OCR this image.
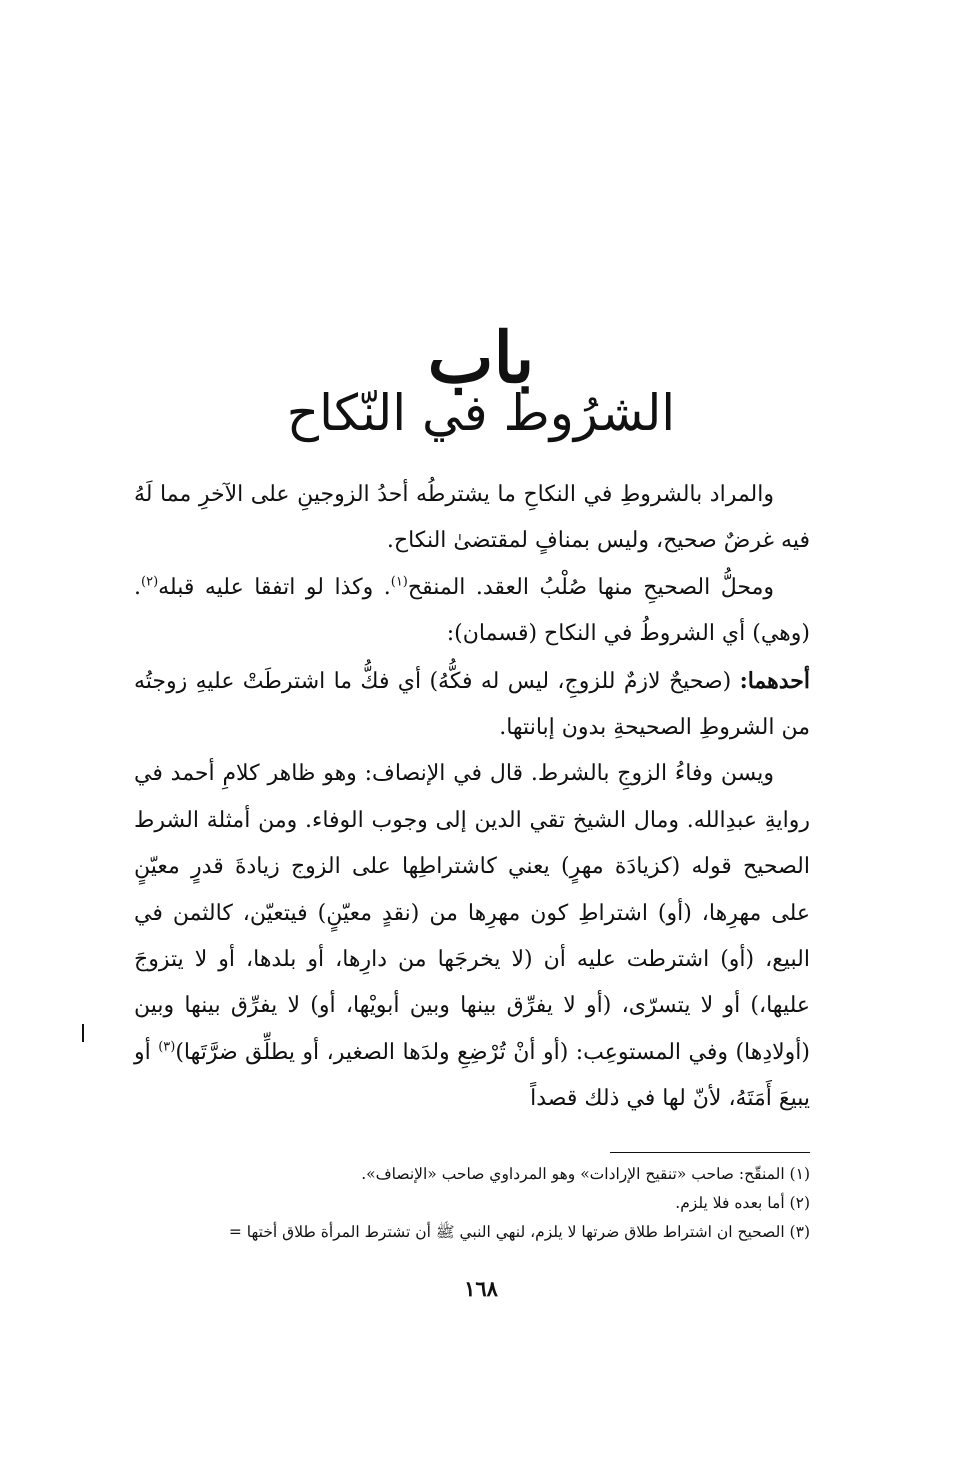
باب
الشرُوط في النّكاح

والمراد بالشروطِ في النكاحِ ما يشترطُه أحدُ الزوجينِ على الآخرِ مما لَهُ فيه غرضٌ صحيح، وليس بمنافٍ لمقتضىٰ النكاح.

ومحلُّ الصحيحِ منها صُلْبُ العقد. المنقح$^{(١)}$. وكذا لو اتفقا عليه قبله$^{(٢)}$. (وهي) أي الشروطُ في النكاح (قسمان):

أحدهما: (صحيحٌ لازمٌ للزوجِ، ليس له فكُّهُ) أي فكُّ ما اشترطَتْ عليهِ زوجتُه من الشروطِ الصحيحةِ بدون إبانتها.

ويسن وفاءُ الزوجِ بالشرط. قال في الإنصاف: وهو ظاهر كلامِ أحمد في روايةِ عبدِالله. ومال الشيخ تقي الدين إلى وجوب الوفاء. ومن أمثلة الشرط الصحيح قوله (كزيادَة مهرٍ) يعني كاشتراطِها على الزوج زيادةَ قدرٍ معيّنٍ على مهرِها، (أو) اشتراطِ كون مهرِها من (نقدٍ معيّنٍ) فيتعيّن، كالثمن في البيع، (أو) اشترطت عليه أن (لا يخرجَها من دارِها، أو بلدها، أو لا يتزوجَ عليها،) أو لا يتسرّى، (أو لا يفرِّق بينها وبين أبويْها، أو) لا يفرِّق بينها وبين (أولادِها) وفي المستوعِب: (أو أنْ تُرْضِعِ ولدَها الصغير، أو يطلِّق ضرَّتَها)$^{(٣)}$ أو يبيعَ أَمَتَهُ، لأنّ لها في ذلك قصداً

(١) المنقّح: صاحب «تنقيح الإرادات» وهو المرداوي صاحب «الإنصاف».
(٢) أما بعده فلا يلزم.
(٣) الصحيح ان اشتراط طلاق ضرتها لا يلزم، لنهي النبي ﷺ أن تشترط المرأة طلاق أختها =
١٦٨
